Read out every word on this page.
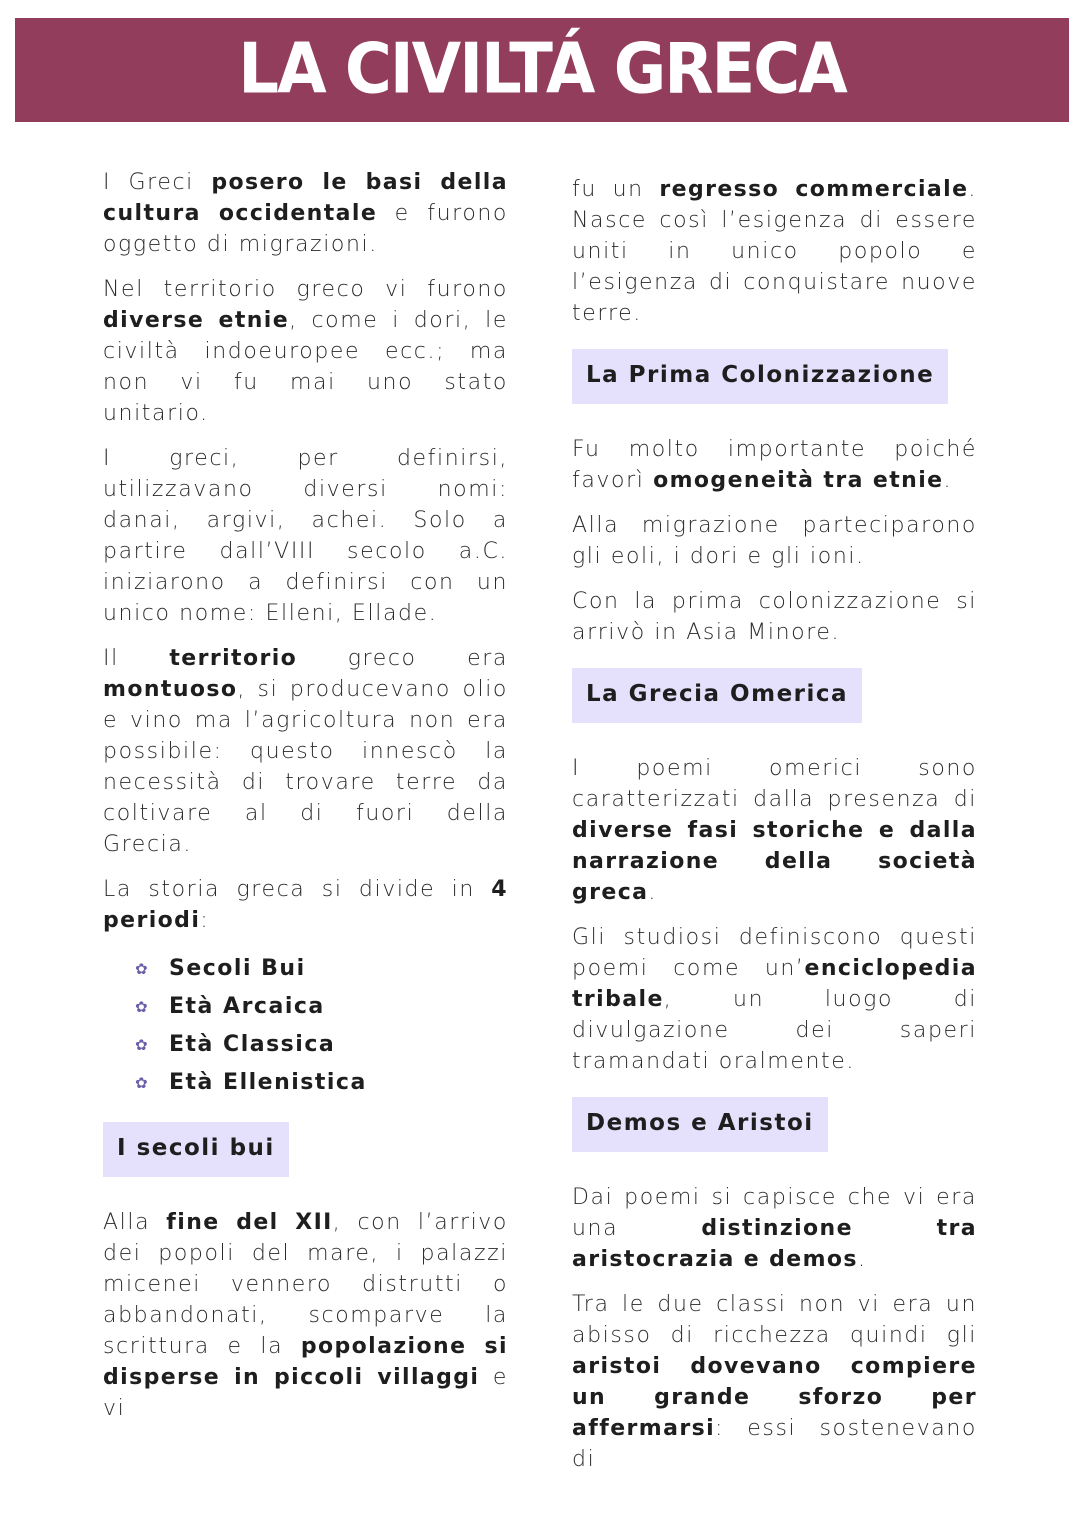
LA CIVILTÁ GRECA

I Greci posero le basi della cultura occidentale e furono oggetto di migrazioni.

Nel territorio greco vi furono diverse etnie, come i dori, le civiltà indoeuropee ecc.; ma non vi fu mai uno stato unitario.

I greci, per definirsi, utilizzavano diversi nomi: danai, argivi, achei. Solo a partire dall’VIII secolo a.C. iniziarono a definirsi con un unico nome: Elleni, Ellade.

Il territorio greco era montuoso, si producevano olio e vino ma l’agricoltura non era possibile: questo innescò la necessità di trovare terre da coltivare al di fuori della Grecia.

La storia greca si divide in 4 periodi:

✿ Secoli Bui
✿ Età Arcaica
✿ Età Classica
✿ Età Ellenistica
I secoli bui

Alla fine del XII, con l’arrivo dei popoli del mare, i palazzi micenei vennero distrutti o abbandonati, scomparve la scrittura e la popolazione si disperse in piccoli villaggi e vi

fu un regresso commerciale. Nasce così l’esigenza di essere uniti in unico popolo e l’esigenza di conquistare nuove terre.

La Prima Colonizzazione

Fu molto importante poiché favorì omogeneità tra etnie.

Alla migrazione parteciparono gli eoli, i dori e gli ioni.

Con la prima colonizzazione si arrivò in Asia Minore.

La Grecia Omerica

I poemi omerici sono caratterizzati dalla presenza di diverse fasi storiche e dalla narrazione della società greca.

Gli studiosi definiscono questi poemi come un’enciclopedia tribale, un luogo di divulgazione dei saperi tramandati oralmente.

Demos e Aristoi

Dai poemi si capisce che vi era una distinzione tra aristocrazia e demos.

Tra le due classi non vi era un abisso di ricchezza quindi gli aristoi dovevano compiere un grande sforzo per affermarsi: essi sostenevano di
